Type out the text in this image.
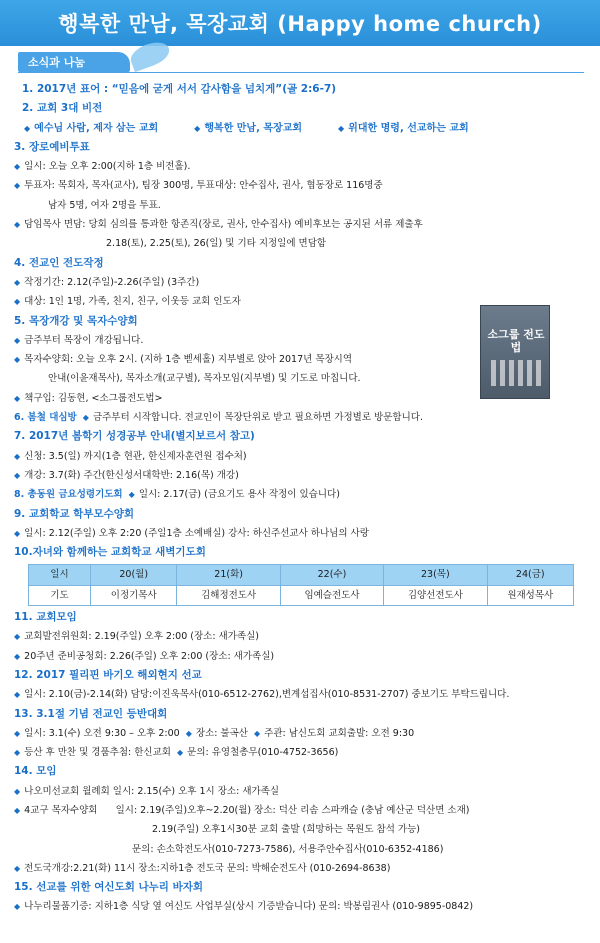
행복한 만남, 목장교회 (Happy home church)
소식과 나눔
소그룹 전도법
1. 2017년 표어 : “믿음에 굳게 서서 감사함을 넘치게”(골 2:6-7)
2. 교회 3대 비전
◆ 예수님 사람, 제자 삼는 교회	◆ 행복한 만남, 목장교회	◆ 위대한 명령, 선교하는 교회
3. 장로예비투표
◆ 일시: 오늘 오후 2:00(지하 1층 비전홀).
◆ 투표자: 목회자, 목자(교사), 팀장 300명, 투표대상: 안수집사, 권사, 협동장로 116명중
남자 5명, 여자 2명을 투표.
◆ 담임목사 면담: 당회 심의를 통과한 항존직(장로, 권사, 안수집사) 예비후보는 공지된 서류 제출후
2.18(토), 2.25(토), 26(일) 및 기타 지정일에 면담함
4. 전교인 전도작정
◆ 작정기간: 2.12(주일)-2.26(주일) (3주간)
◆ 대상: 1인 1명, 가족, 친지, 친구, 이웃등 교회 인도자
5. 목장개강 및 목자수양회
◆ 금주부터 목장이 개강됩니다.
◆ 목자수양회: 오늘 오후 2시. (지하 1층 벧세홀) 지부별로 앉아 2017년 목장시역
안내(이윤재목사), 목자소개(교구별), 목자모임(지부별) 및 기도로 마칩니다.
◆ 책구입: 김동현, <소그룹전도법>
6. 봄철 대심방 ◆ 금주부터 시작합니다. 전교인이 목장단위로 받고 필요하면 가정별로 방문합니다.
7. 2017년 봄학기 성경공부 안내(별지보르서 참고)
◆ 신청: 3.5(일) 까지(1층 현관, 한신제자훈련원 접수처)
◆ 개강: 3.7(화) 주간(한신성서대학반: 2.16(목) 개강)
8. 총동원 금요성령기도회 ◆ 일시: 2.17(금) (금요기도 용사 작정이 있습니다)
9. 교회학교 학부모수양회
◆ 일시: 2.12(주일) 오후 2:20 (주일1층 소예배실) 강사: 하신주선교사 하나님의 사랑
10.자녀와 함께하는 교회학교 새벽기도회
일시	20(월)	21(화)	22(수)	23(목)	24(금)
기도	이정기목사	김해정전도사	임예슬전도사	김양선전도사	원재성목사
11. 교회모임
◆ 교회발전위원회: 2.19(주일) 오후 2:00 (장소: 새가족실)
◆ 20주년 준비공청회: 2.26(주일) 오후 2:00 (장소: 새가족실)
12. 2017 필리핀 바기오 해외현지 선교
◆ 일시: 2.10(금)-2.14(화) 담당:이진욱목사(010-6512-2762),변계섭집사(010-8531-2707) 중보기도 부탁드립니다.
13. 3.1절 기념 전교인 등반대회
◆ 일시: 3.1(수) 오전 9:30 – 오후 2:00 ◆ 장소: 불곡산 ◆ 주관: 남신도회 교회출발: 오전 9:30
◆ 등산 후 만찬 및 경품추첨: 한신교회 ◆ 문의: 유영철총무(010-4752-3656)
14. 모임
◆ 나오미선교회 월례회 일시: 2.15(수) 오후 1시 장소: 새가족실
◆ 4교구 목자수양회 일시: 2.19(주일)오후~2.20(월) 장소: 덕산 리솜 스파캐슬 (충남 예산군 덕산면 소재)
2.19(주일) 오후1시30분 교회 출발 (희망하는 목원도 참석 가능)
문의: 손소학전도사(010-7273-7586), 서용주안수집사(010-6352-4186)
◆ 전도국개강:2.21(화) 11시 장소:지하1층 전도국 문의: 박해순전도사 (010-2694-8638)
15. 선교를 위한 여신도회 나누리 바자회
◆ 나누리물품기증: 지하1층 식당 옆 여신도 사업부실(상시 기증받습니다) 문의: 박봉림권사 (010-9895-0842)
